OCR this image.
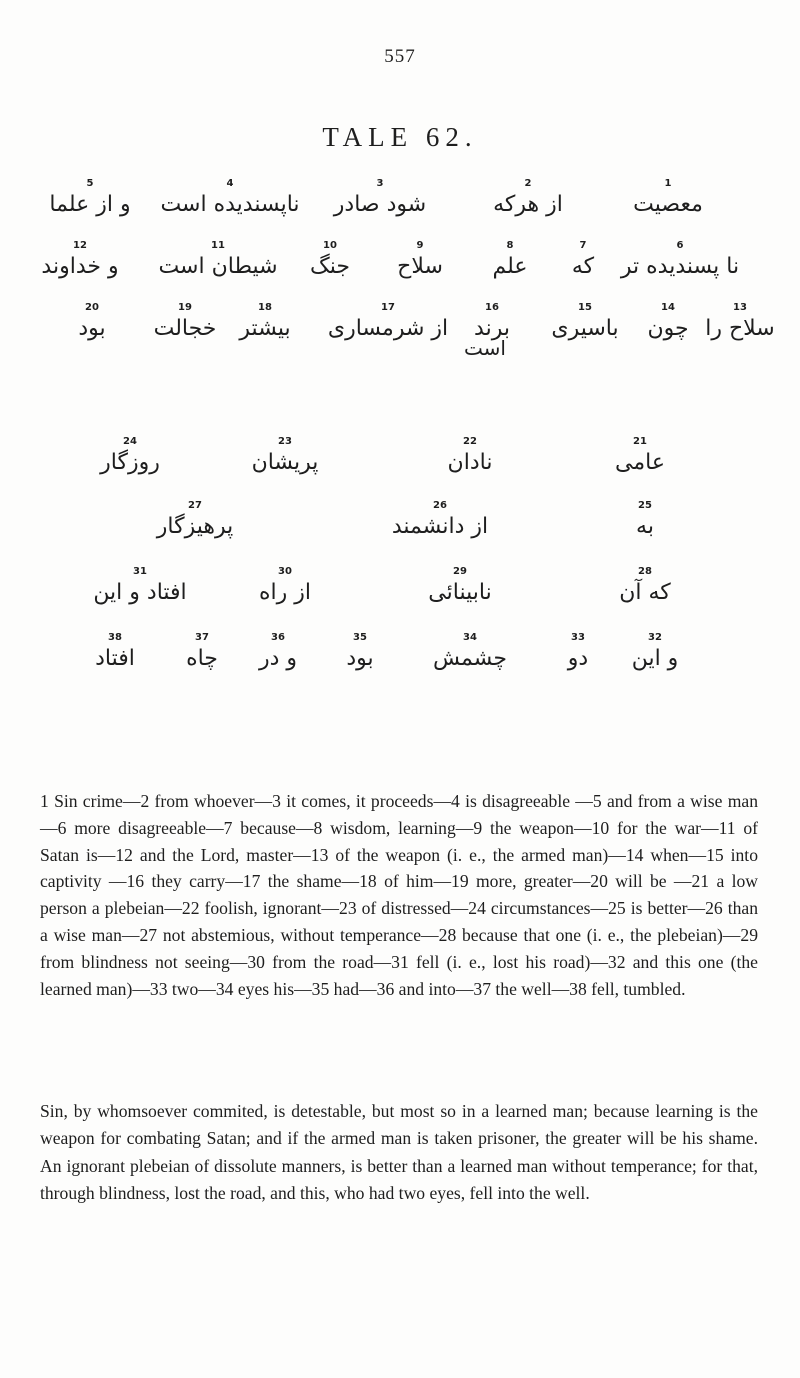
557
TALE 62.
5
و از علما
4
ناپسندیده است
3
شود صادر
2
از هرکه
1
معصیت
12
و خداوند
11
شیطان است
10
جنگ
9
سلاح
8
علم
7
که
6
نا پسندیده تر
20
بود
19
خجالت
18
بیشتر
17
از شرمساری
16
برند
15
باسیری
14
چون
13
سلاح را
است
24
روزگار
23
پریشان
22
نادان
21
عامی
27
پرهیزگار
26
از دانشمند
25
به
31
افتاد و این
30
از راه
29
نابینائی
28
که آن
38
افتاد
37
چاه
36
و در
35
بود
34
چشمش
33
دو
32
و این
1 Sin crime—2 from whoever—3 it comes, it proceeds—4 is disagreeable —5 and from a wise man—6 more disagreeable—7 because—8 wisdom, learning—9 the weapon—10 for the war—11 of Satan is—12 and the Lord, master—13 of the weapon (i. e., the armed man)—14 when—15 into captivity —16 they carry—17 the shame—18 of him—19 more, greater—20 will be —21 a low person a plebeian—22 foolish, ignorant—23 of distressed—24 circumstances—25 is better—26 than a wise man—27 not abstemious, without temperance—28 because that one (i. e., the plebeian)—29 from blindness not seeing—30 from the road—31 fell (i. e., lost his road)—32 and this one (the learned man)—33 two—34 eyes his—35 had—36 and into—37 the well—38 fell, tumbled.
Sin, by whomsoever commited, is detestable, but most so in a learned man; because learning is the weapon for combating Satan; and if the armed man is taken prisoner, the greater will be his shame. An ignorant plebeian of dissolute manners, is better than a learned man without temperance; for that, through blindness, lost the road, and this, who had two eyes, fell into the well.
